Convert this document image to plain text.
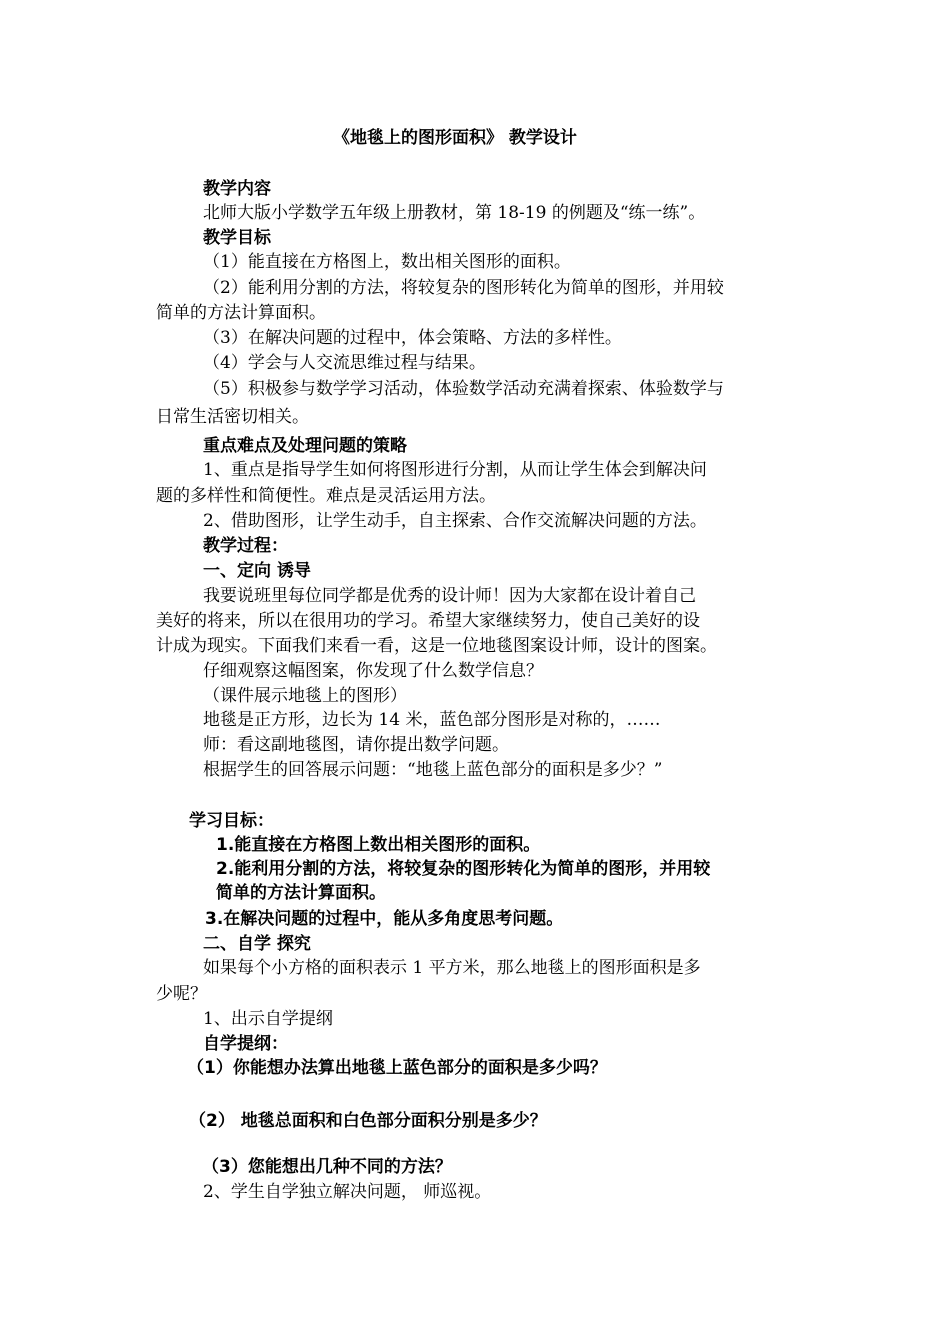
《地毯上的图形面积》 教学设计
教学内容
北师大版小学数学五年级上册教材，第 18-19 的例题及“练一练”。
教学目标
（1）能直接在方格图上，数出相关图形的面积。
（2）能利用分割的方法，将较复杂的图形转化为简单的图形，并用较
简单的方法计算面积。
（3）在解决问题的过程中，体会策略、方法的多样性。
（4）学会与人交流思维过程与结果。
（5）积极参与数学学习活动，体验数学活动充满着探索、体验数学与
日常生活密切相关。
重点难点及处理问题的策略
1、重点是指导学生如何将图形进行分割，从而让学生体会到解决问
题的多样性和简便性。难点是灵活运用方法。
2、借助图形，让学生动手，自主探索、合作交流解决问题的方法。
教学过程：
一、定向 诱导
我要说班里每位同学都是优秀的设计师！因为大家都在设计着自己
美好的将来，所以在很用功的学习。希望大家继续努力，使自己美好的设
计成为现实。下面我们来看一看，这是一位地毯图案设计师，设计的图案。
仔细观察这幅图案，你发现了什么数学信息？
（课件展示地毯上的图形）
地毯是正方形，边长为 14 米，蓝色部分图形是对称的，……
师：看这副地毯图，请你提出数学问题。
根据学生的回答展示问题：“地毯上蓝色部分的面积是多少？”
学习目标：
1.能直接在方格图上数出相关图形的面积。
2.能利用分割的方法，将较复杂的图形转化为简单的图形，并用较
简单的方法计算面积。
3.在解决问题的过程中，能从多角度思考问题。
二、自学 探究
如果每个小方格的面积表示 1 平方米，那么地毯上的图形面积是多
少呢？
1、出示自学提纲
自学提纲：
（1）你能想办法算出地毯上蓝色部分的面积是多少吗？
（2） 地毯总面积和白色部分面积分别是多少？
（3）您能想出几种不同的方法？
2、学生自学独立解决问题， 师巡视。
